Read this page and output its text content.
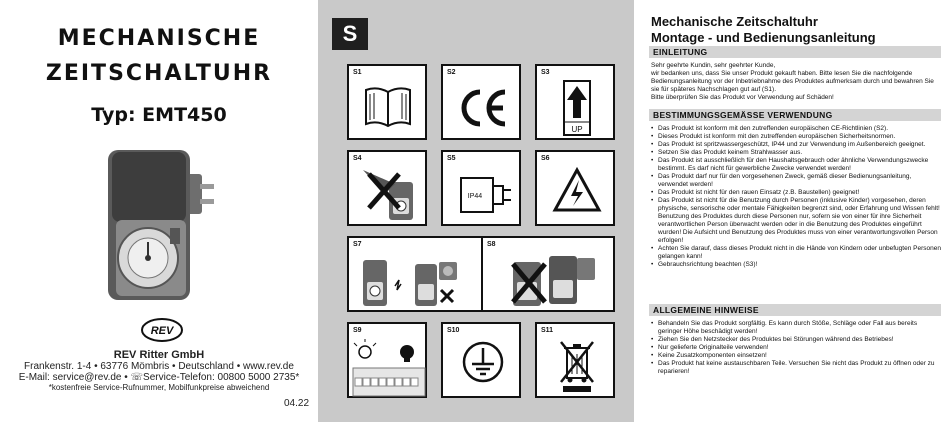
MECHANISCHE
ZEITSCHALTUHR
Typ: EMT450
REV
REV Ritter GmbH
Frankenstr. 1-4 • 63776 Mömbris • Deutschland • www.rev.de
E-Mail: service@rev.de • ☏Service-Telefon: 00800 5000 2735*
*kostenfreie Service-Rufnummer, Mobilfunkpreise abweichend
04.22
S
S1	S2	S3
UP
S4	S5
IP44
S6
S7	S8
S9	S10	S11
Mechanische Zeitschaltuhr
Montage - und Bedienungsanleitung
EINLEITUNG
Sehr geehrte Kundin, sehr geehrter Kunde,
wir bedanken uns, dass Sie unser Produkt gekauft haben. Bitte lesen Sie die nachfolgende Bedienungsanleitung vor der Inbetriebnahme des Produktes aufmerksam durch und bewahren Sie sie für späteres Nachschlagen gut auf (S1).
Bitte überprüfen Sie das Produkt vor Verwendung auf Schäden!
BESTIMMUNGSGEMÄSSE VERWENDUNG
• Das Produkt ist konform mit den zutreffenden europäischen CE-Richtlinien (S2).
• Dieses Produkt ist konform mit den zutreffenden europäischen Sicherheitsnormen.
• Das Produkt ist spritzwassergeschützt, IP44 und zur Verwendung im Außenbereich geeignet.
• Setzen Sie das Produkt keinem Strahlwasser aus.
• Das Produkt ist ausschließlich für den Haushaltsgebrauch oder ähnliche Verwendungszwecke bestimmt. Es darf nicht für gewerbliche Zwecke verwendet werden!
• Das Produkt darf nur für den vorgesehenen Zweck, gemäß dieser Bedienungsanleitung, verwendet werden!
• Das Produkt ist nicht für den rauen Einsatz (z.B. Baustellen) geeignet!
• Das Produkt ist nicht für die Benutzung durch Personen (inklusive Kinder) vorgesehen, deren physische, sensorische oder mentale Fähigkeiten begrenzt sind, oder Erfahrung und Wissen fehlt! Benutzung des Produktes durch diese Personen nur, sofern sie von einer für ihre Sicherheit verantwortlichen Person überwacht werden oder in die Benutzung des Produktes eingeführt wurden! Die Aufsicht und Benutzung des Produktes muss von einer verantwortungsvollen Person erfolgen!
• Achten Sie darauf, dass dieses Produkt nicht in die Hände von Kindern oder unbefugten Personen gelangen kann!
• Gebrauchsrichtung beachten (S3)!
ALLGEMEINE HINWEISE
• Behandeln Sie das Produkt sorgfältig. Es kann durch Stöße, Schläge oder Fall aus bereits geringer Höhe beschädigt werden!
• Ziehen Sie den Netzstecker des Produktes bei Störungen während des Betriebes!
• Nur gelieferte Originalteile verwenden!
• Keine Zusatzkomponenten einsetzen!
• Das Produkt hat keine austauschbaren Teile. Versuchen Sie nicht das Produkt zu öffnen oder zu reparieren!
